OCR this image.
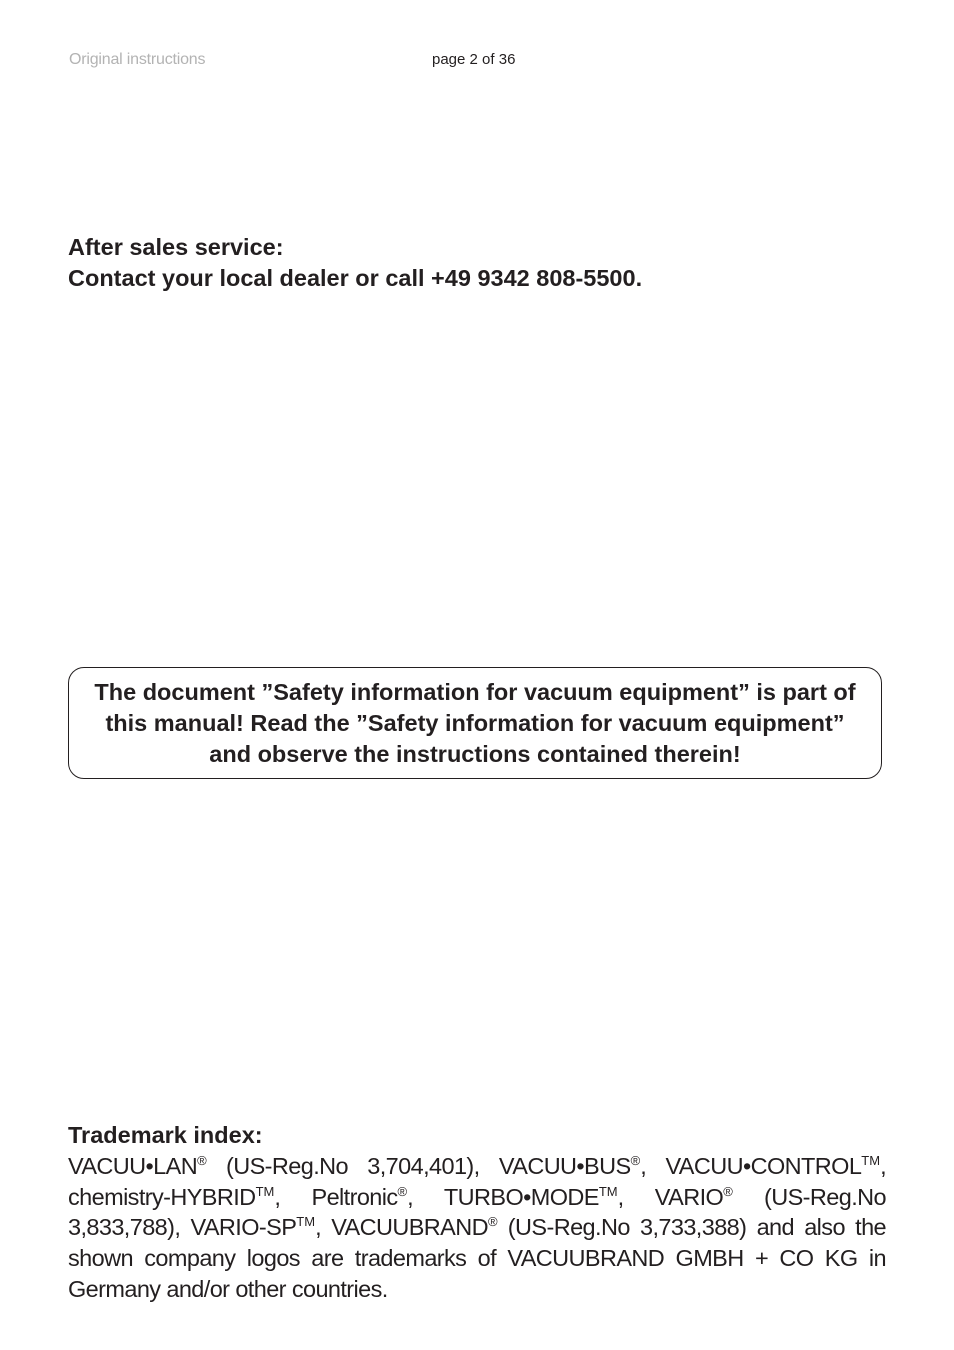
Original instructions	page 2 of 36
After sales service:
Contact your local dealer or call +49 9342 808-5500.
The document ”Safety information for vacuum equipment” is part of this manual! Read the ”Safety information for vacuum equipment” and observe the instructions contained therein!
Trademark index:
VACUU•LAN® (US-Reg.No 3,704,401), VACUU•BUS®, VACUU•CONTROL™, chemistry-HYBRID™, Peltronic®, TURBO•MODE™, VARIO® (US-Reg.No 3,833,788), VARIO-SP™, VACUUBRAND® (US-Reg.No 3,733,388) and also the shown company logos are trademarks of VACUUBRAND GMBH + CO KG in Germany and/or other countries.
